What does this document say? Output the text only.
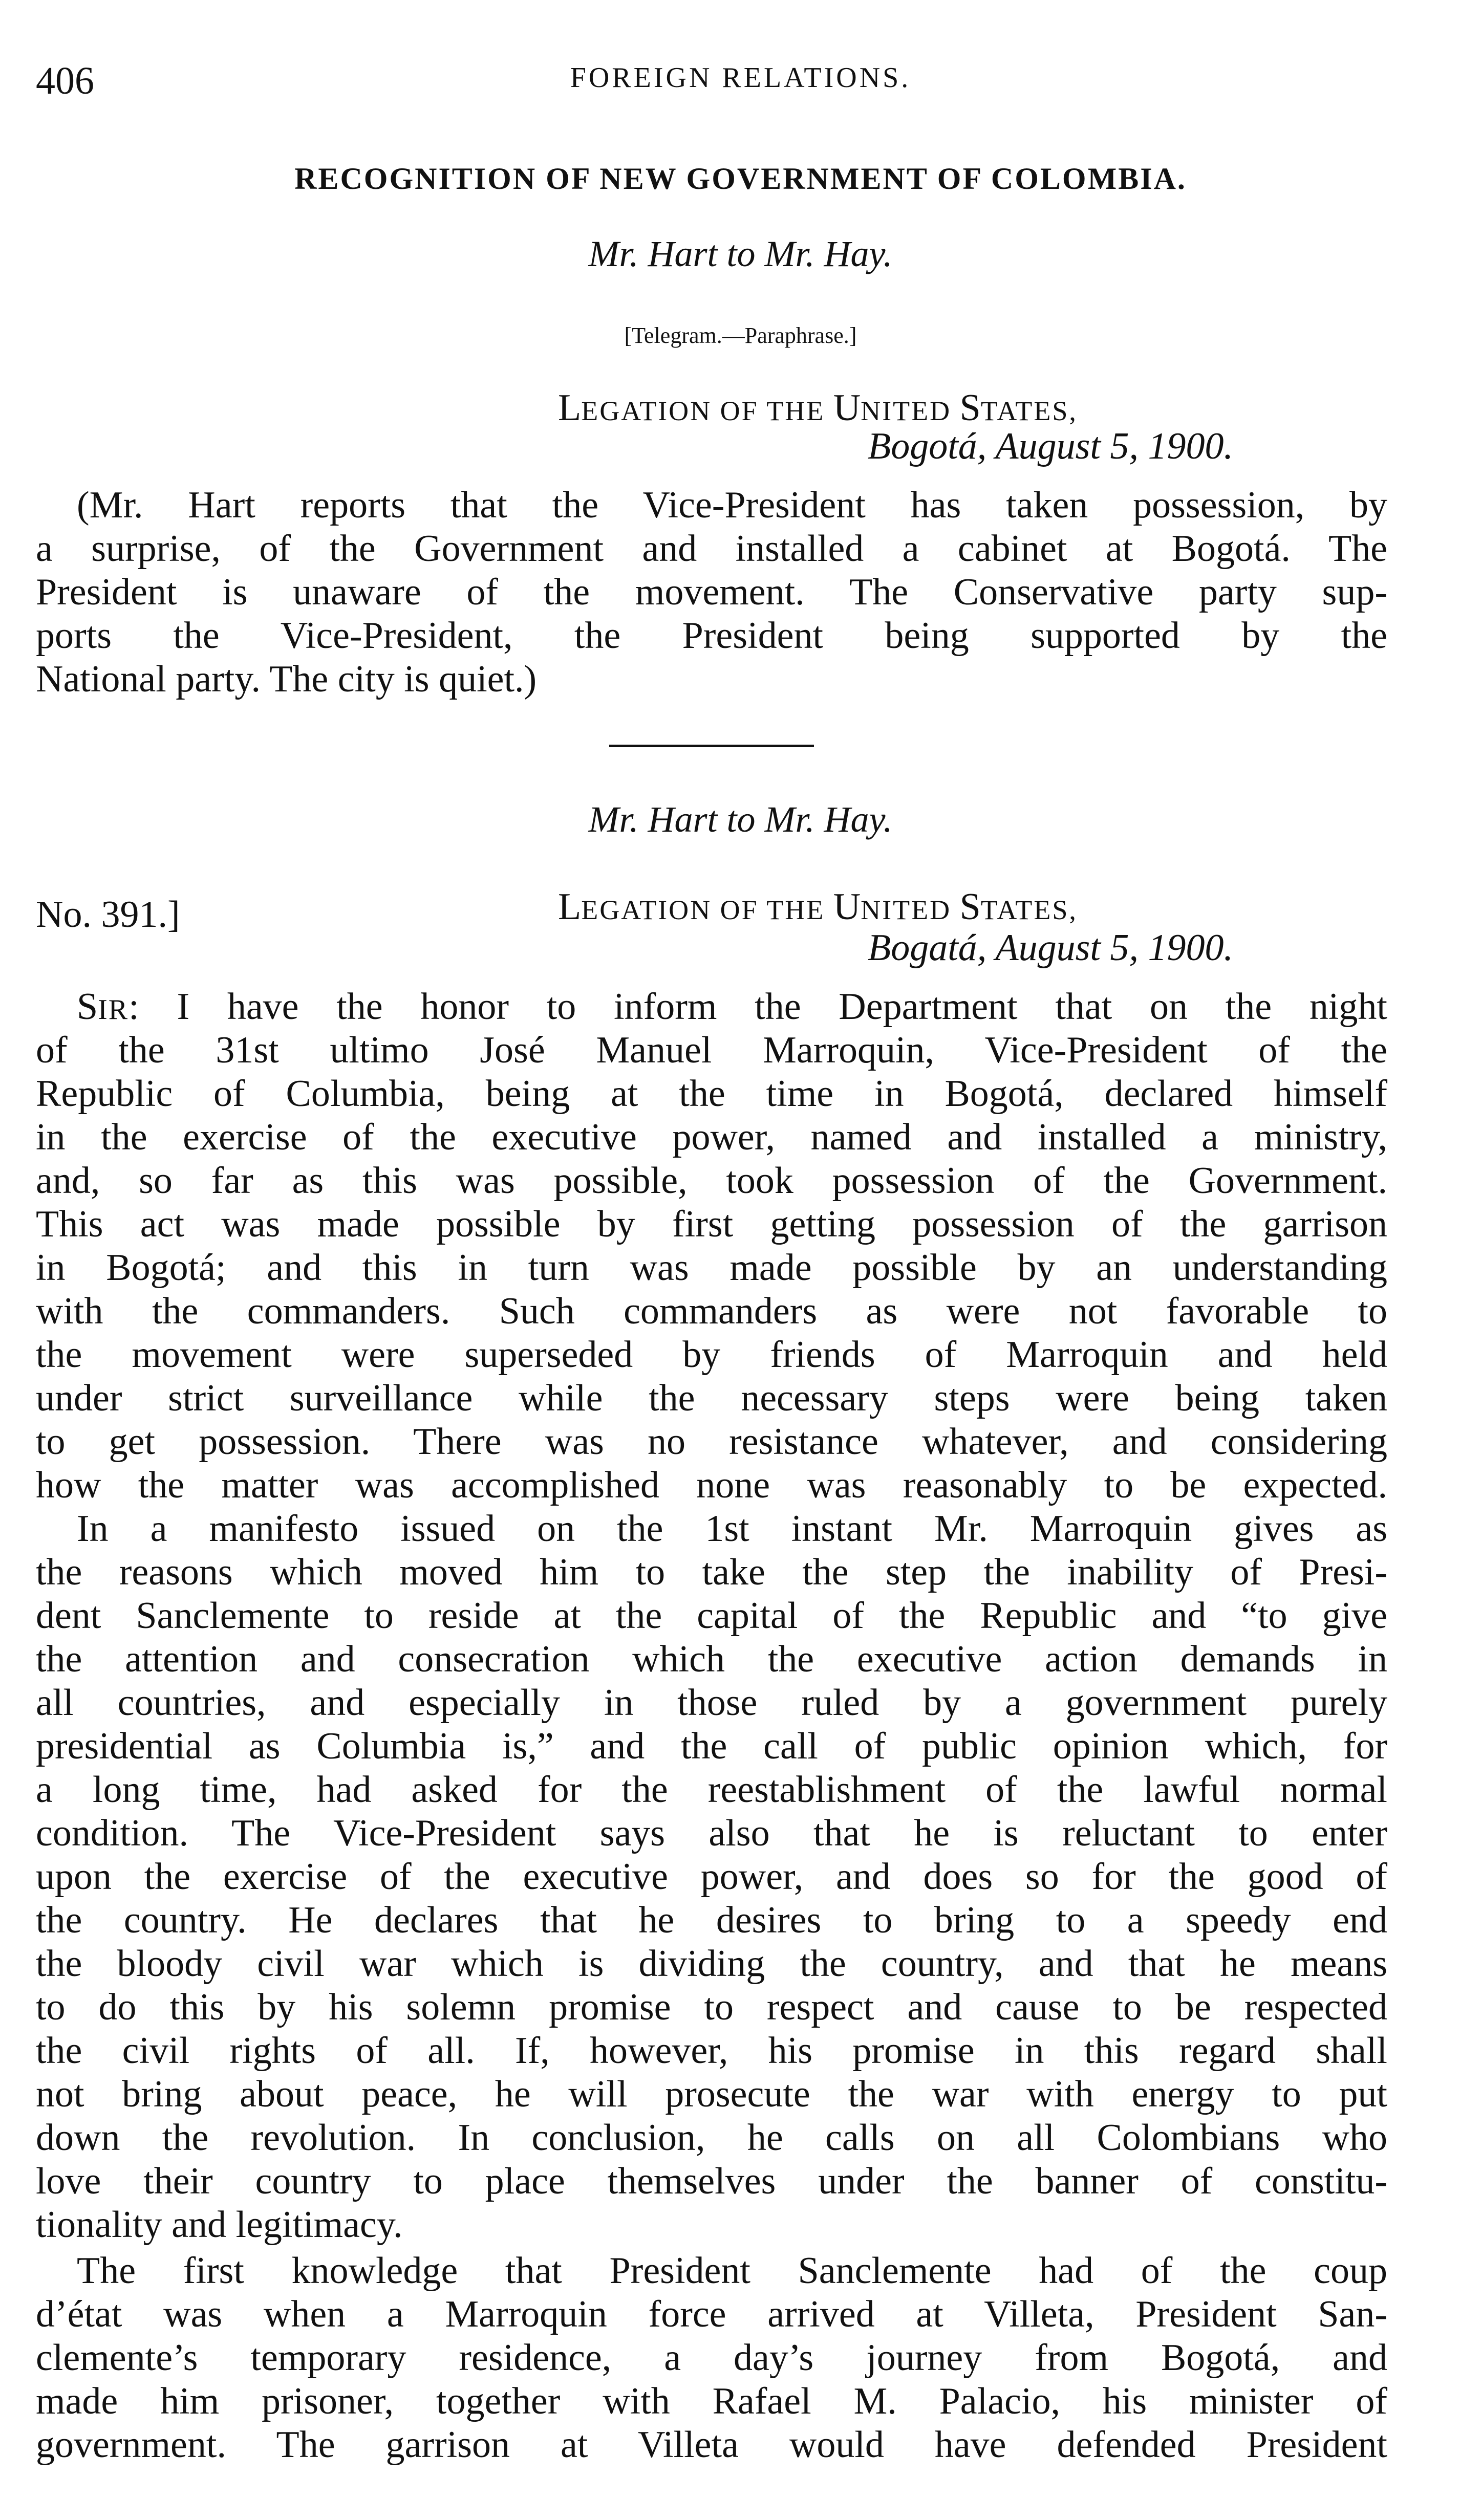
406	FOREIGN RELATIONS.
RECOGNITION OF NEW GOVERNMENT OF COLOMBIA.
Mr. Hart to Mr. Hay.
[Telegram.—Paraphrase.]
LEGATION OF THE UNITED STATES,
Bogotá, August 5, 1900.
(Mr. Hart reports that the Vice-President has taken possession, by
a surprise, of the Government and installed a cabinet at Bogotá. The
President is unaware of the movement. The Conservative party sup-
ports the Vice-President, the President being supported by the
National party. The city is quiet.)
Mr. Hart to Mr. Hay.
No. 391.]	LEGATION OF THE UNITED STATES,
Bogatá, August 5, 1900.
SIR: I have the honor to inform the Department that on the night
of the 31st ultimo José Manuel Marroquin, Vice-President of the
Republic of Columbia, being at the time in Bogotá, declared himself
in the exercise of the executive power, named and installed a ministry,
and, so far as this was possible, took possession of the Government.
This act was made possible by first getting possession of the garrison
in Bogotá; and this in turn was made possible by an understanding
with the commanders. Such commanders as were not favorable to
the movement were superseded by friends of Marroquin and held
under strict surveillance while the necessary steps were being taken
to get possession. There was no resistance whatever, and considering
how the matter was accomplished none was reasonably to be expected.
In a manifesto issued on the 1st instant Mr. Marroquin gives as
the reasons which moved him to take the step the inability of Presi-
dent Sanclemente to reside at the capital of the Republic and “to give
the attention and consecration which the executive action demands in
all countries, and especially in those ruled by a government purely
presidential as Columbia is,” and the call of public opinion which, for
a long time, had asked for the reestablishment of the lawful normal
condition. The Vice-President says also that he is reluctant to enter
upon the exercise of the executive power, and does so for the good of
the country. He declares that he desires to bring to a speedy end
the bloody civil war which is dividing the country, and that he means
to do this by his solemn promise to respect and cause to be respected
the civil rights of all. If, however, his promise in this regard shall
not bring about peace, he will prosecute the war with energy to put
down the revolution. In conclusion, he calls on all Colombians who
love their country to place themselves under the banner of constitu-
tionality and legitimacy.
The first knowledge that President Sanclemente had of the coup
d’état was when a Marroquin force arrived at Villeta, President San-
clemente’s temporary residence, a day’s journey from Bogotá, and
made him prisoner, together with Rafael M. Palacio, his minister of
government. The garrison at Villeta would have defended President
